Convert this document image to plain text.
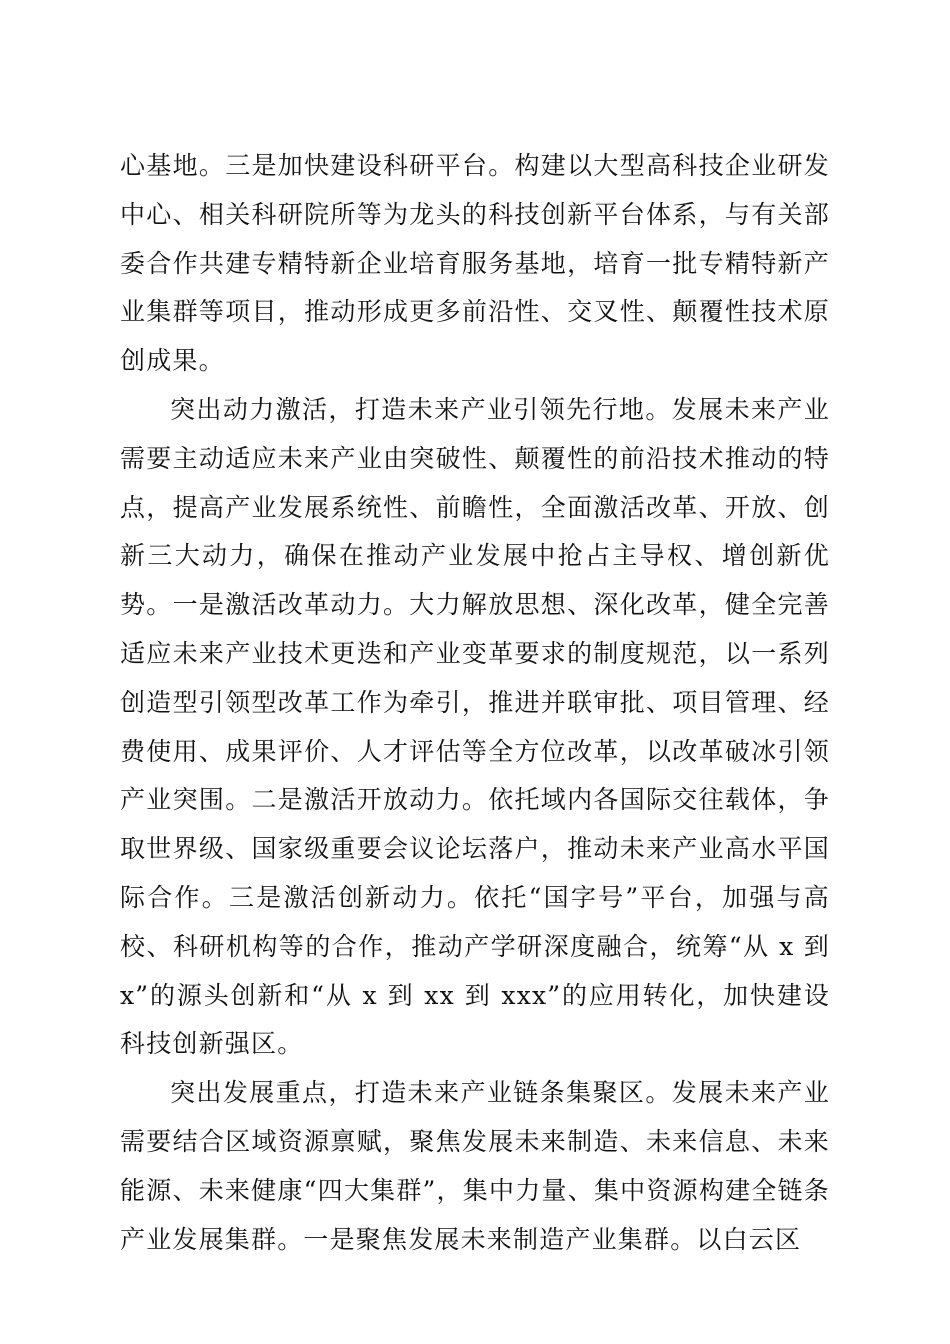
心基地。三是加快建设科研平台。构建以大型高科技企业研发中心、相关科研院所等为龙头的科技创新平台体系，与有关部委合作共建专精特新企业培育服务基地，培育一批专精特新产业集群等项目，推动形成更多前沿性、交叉性、颠覆性技术原创成果。

突出动力激活，打造未来产业引领先行地。发展未来产业需要主动适应未来产业由突破性、颠覆性的前沿技术推动的特点，提高产业发展系统性、前瞻性，全面激活改革、开放、创新三大动力，确保在推动产业发展中抢占主导权、增创新优势。一是激活改革动力。大力解放思想、深化改革，健全完善适应未来产业技术更迭和产业变革要求的制度规范，以一系列创造型引领型改革工作为牵引，推进并联审批、项目管理、经费使用、成果评价、人才评估等全方位改革，以改革破冰引领产业突围。二是激活开放动力。依托域内各国际交往载体，争取世界级、国家级重要会议论坛落户，推动未来产业高水平国际合作。三是激活创新动力。依托“国字号”平台，加强与高校、科研机构等的合作，推动产学研深度融合，统筹“从 x 到 x”的源头创新和“从 x 到 xx 到 xxx”的应用转化，加快建设科技创新强区。

突出发展重点，打造未来产业链条集聚区。发展未来产业需要结合区域资源禀赋，聚焦发展未来制造、未来信息、未来能源、未来健康“四大集群”，集中力量、集中资源构建全链条产业发展集群。一是聚焦发展未来制造产业集群。以白云区
